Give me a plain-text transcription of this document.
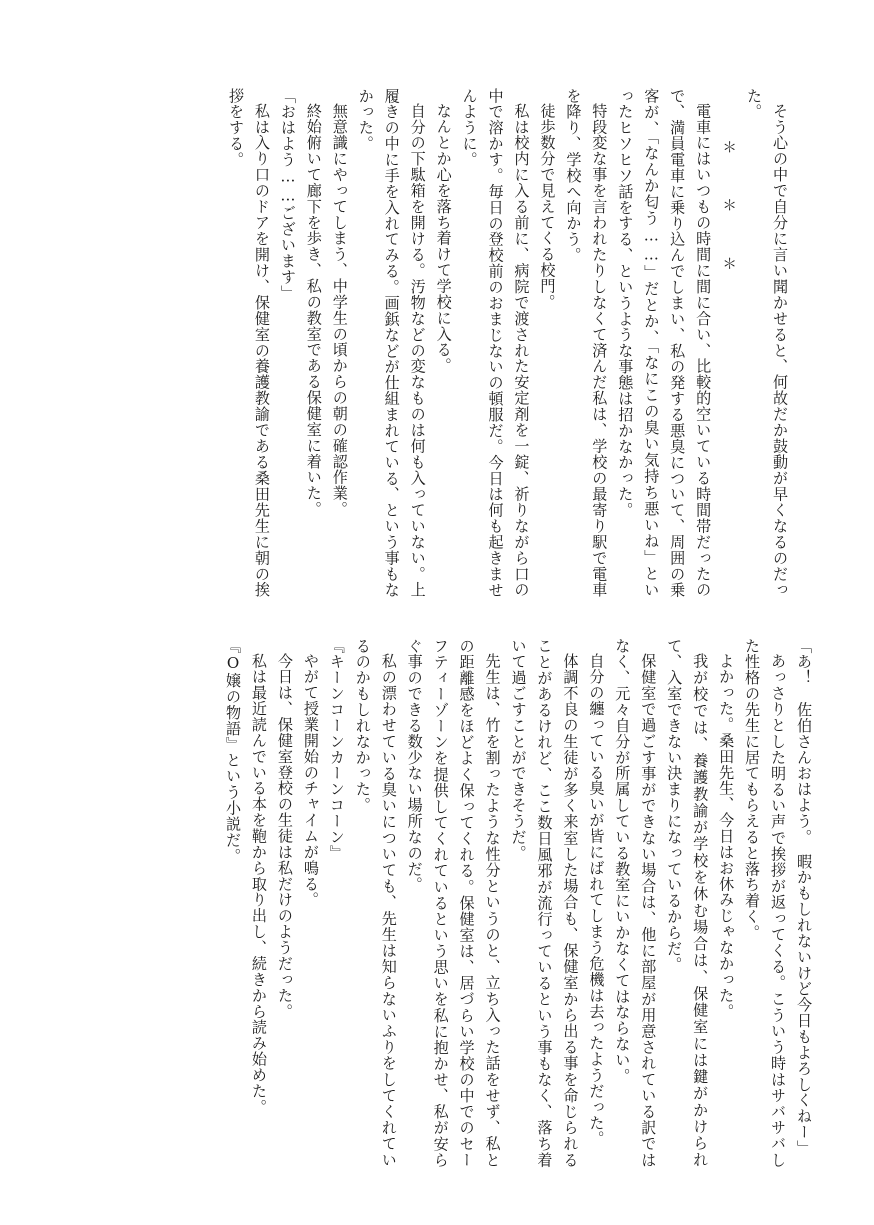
そう心の中で自分に言い聞かせると、何故だか鼓動が早くなるのだった。

＊ ＊ ＊

電車にはいつもの時間に間に合い、比較的空いている時間帯だったので、満員電車に乗り込んでしまい、私の発する悪臭について、周囲の乗客が、「なんか匂う……」だとか、「なにこの臭い気持ち悪いね」といったヒソヒソ話をする、というような事態は招かなかった。

特段変な事を言われたりしなくて済んだ私は、学校の最寄り駅で電車を降り、学校へ向かう。

徒歩数分で見えてくる校門。

私は校内に入る前に、病院で渡された安定剤を一錠、祈りながら口の中で溶かす。毎日の登校前のおまじないの頓服だ。今日は何も起きませんように。

なんとか心を落ち着けて学校に入る。

自分の下駄箱を開ける。汚物などの変なものは何も入っていない。上履きの中に手を入れてみる。画鋲などが仕組まれている、という事もなかった。

無意識にやってしまう、中学生の頃からの朝の確認作業。

終始俯いて廊下を歩き、私の教室である保健室に着いた。

「おはよう……ございます」

私は入り口のドアを開け、保健室の養護教諭である桑田先生に朝の挨拶をする。

「あ！　佐伯さんおはよう。　暇かもしれないけど今日もよろしくねー」

あっさりとした明るい声で挨拶が返ってくる。こういう時はサバサバした性格の先生に居てもらえると落ち着く。

よかった。桑田先生、今日はお休みじゃなかった。

我が校では、養護教諭が学校を休む場合は、保健室には鍵がかけられて、入室できない決まりになっているからだ。

保健室で過ごす事ができない場合は、他に部屋が用意されている訳ではなく、元々自分が所属している教室にいかなくてはならない。

自分の纏っている臭いが皆にばれてしまう危機は去ったようだった。

体調不良の生徒が多く来室した場合も、保健室から出る事を命じられることがあるけれど、ここ数日風邪が流行っているという事もなく、落ち着いて過ごすことができそうだ。

先生は、竹を割ったような性分というのと、立ち入った話をせず、私との距離感をほどよく保ってくれる。保健室は、居づらい学校の中でのセーフティーゾーンを提供してくれているという思いを私に抱かせ、私が安らぐ事のできる数少ない場所なのだ。

私の漂わせている臭いについても、先生は知らないふりをしてくれているのかもしれなかった。

『キーンコーンカーンコーン』

やがて授業開始のチャイムが鳴る。

今日は、保健室登校の生徒は私だけのようだった。

私は最近読んでいる本を鞄から取り出し、続きから読み始めた。

『O嬢の物語』という小説だ。
